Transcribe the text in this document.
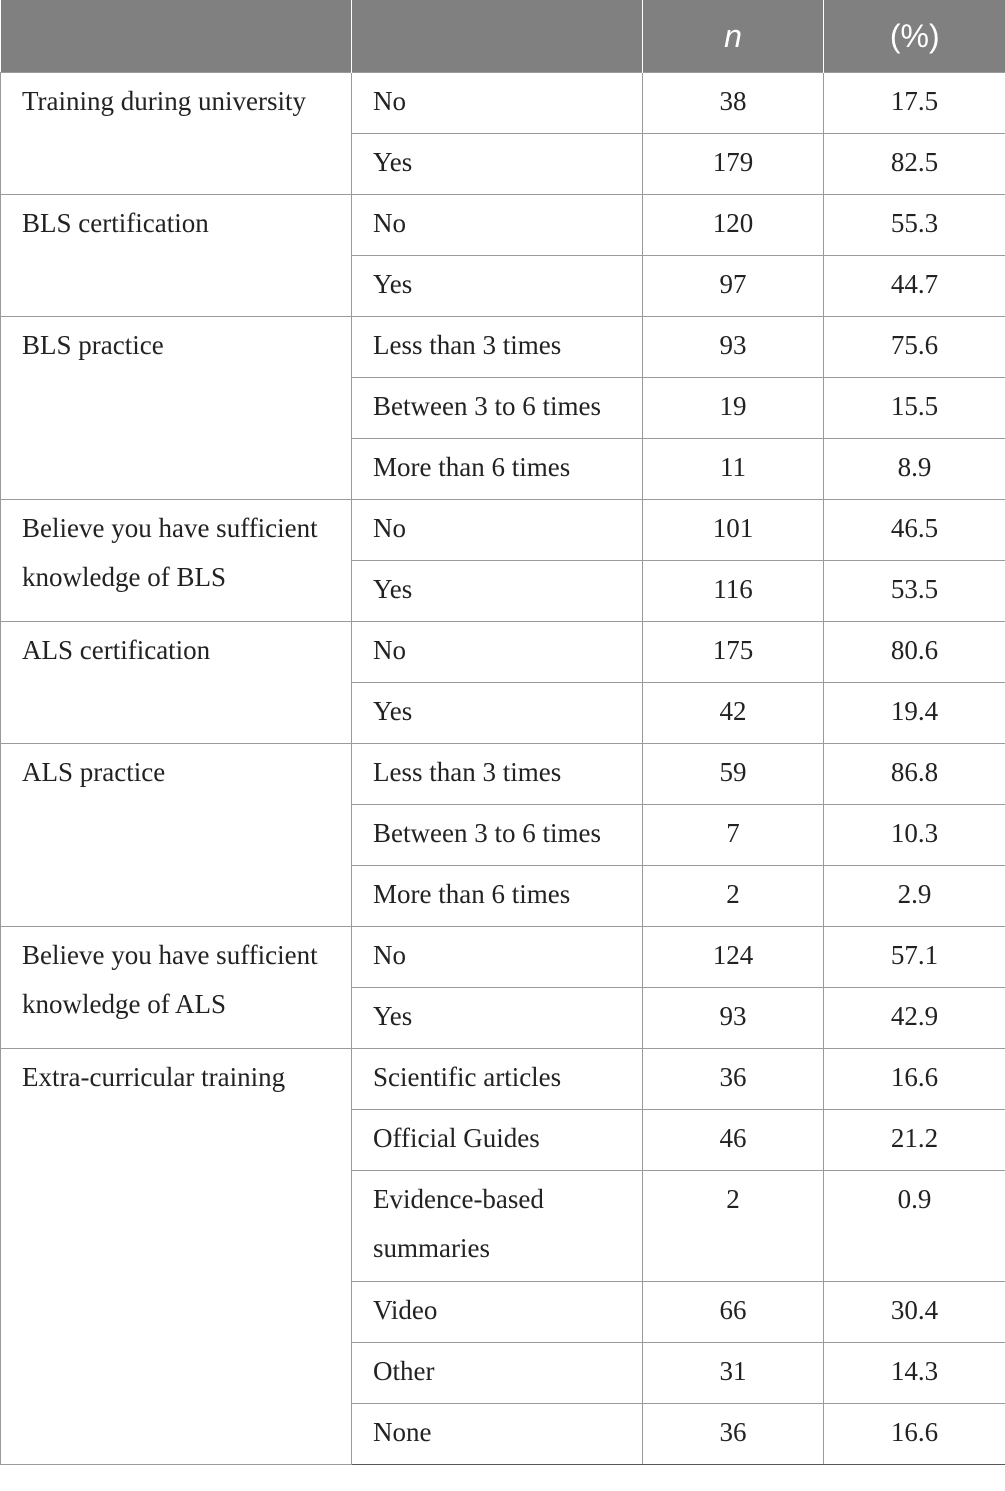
		n	(%)
Training during university	No	38	17.5
	Yes	179	82.5
BLS certification	No	120	55.3
	Yes	97	44.7
BLS practice	Less than 3 times	93	75.6
	Between 3 to 6 times	19	15.5
	More than 6 times	11	8.9
Believe you have sufficient knowledge of BLS	No	101	46.5
	Yes	116	53.5
ALS certification	No	175	80.6
	Yes	42	19.4
ALS practice	Less than 3 times	59	86.8
	Between 3 to 6 times	7	10.3
	More than 6 times	2	2.9
Believe you have sufficient knowledge of ALS	No	124	57.1
	Yes	93	42.9
Extra-curricular training	Scientific articles	36	16.6
	Official Guides	46	21.2
	Evidence-based summaries	2	0.9
	Video	66	30.4
	Other	31	14.3
	None	36	16.6
